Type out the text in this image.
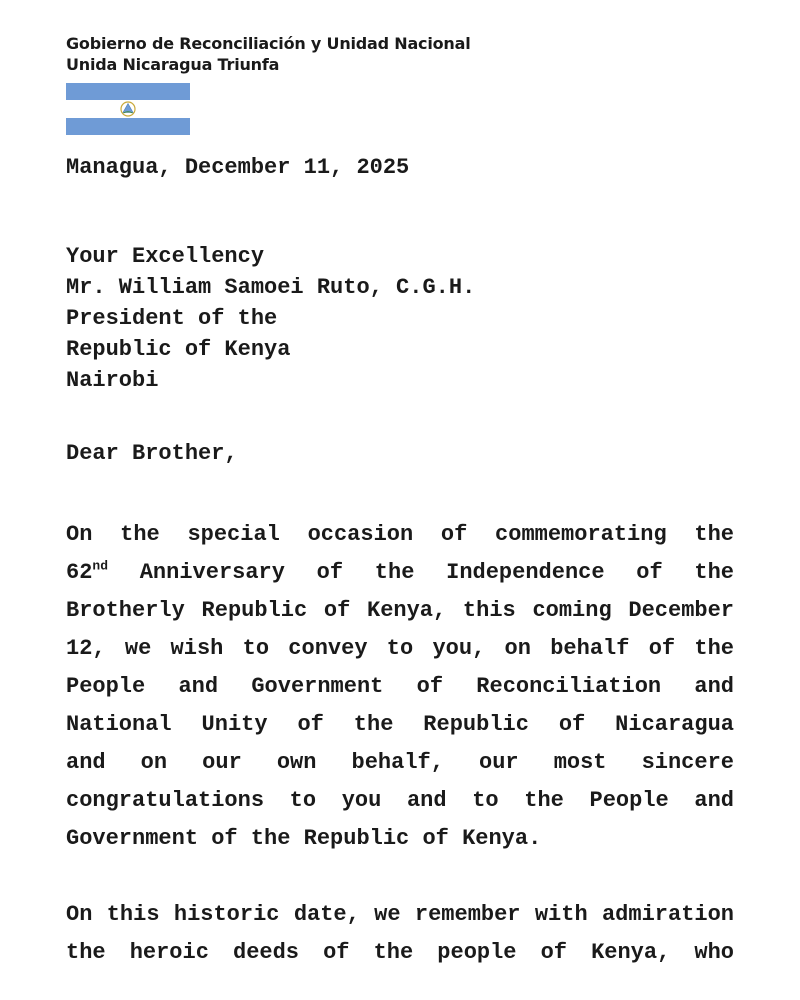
Gobierno de Reconciliación y Unidad Nacional
Unida Nicaragua Triunfa
Managua, December 11, 2025
Your Excellency
Mr. William Samoei Ruto, C.G.H.
President of the
Republic of Kenya
Nairobi
Dear Brother,
On the special occasion of commemorating the
62nd Anniversary of the Independence of the
Brotherly Republic of Kenya, this coming December
12, we wish to convey to you, on behalf of the
People and Government of Reconciliation and
National Unity of the Republic of Nicaragua
and on our own behalf, our most sincere
congratulations to you and to the People and
Government of the Republic of Kenya.
On this historic date, we remember with admiration
the heroic deeds of the people of Kenya, who
